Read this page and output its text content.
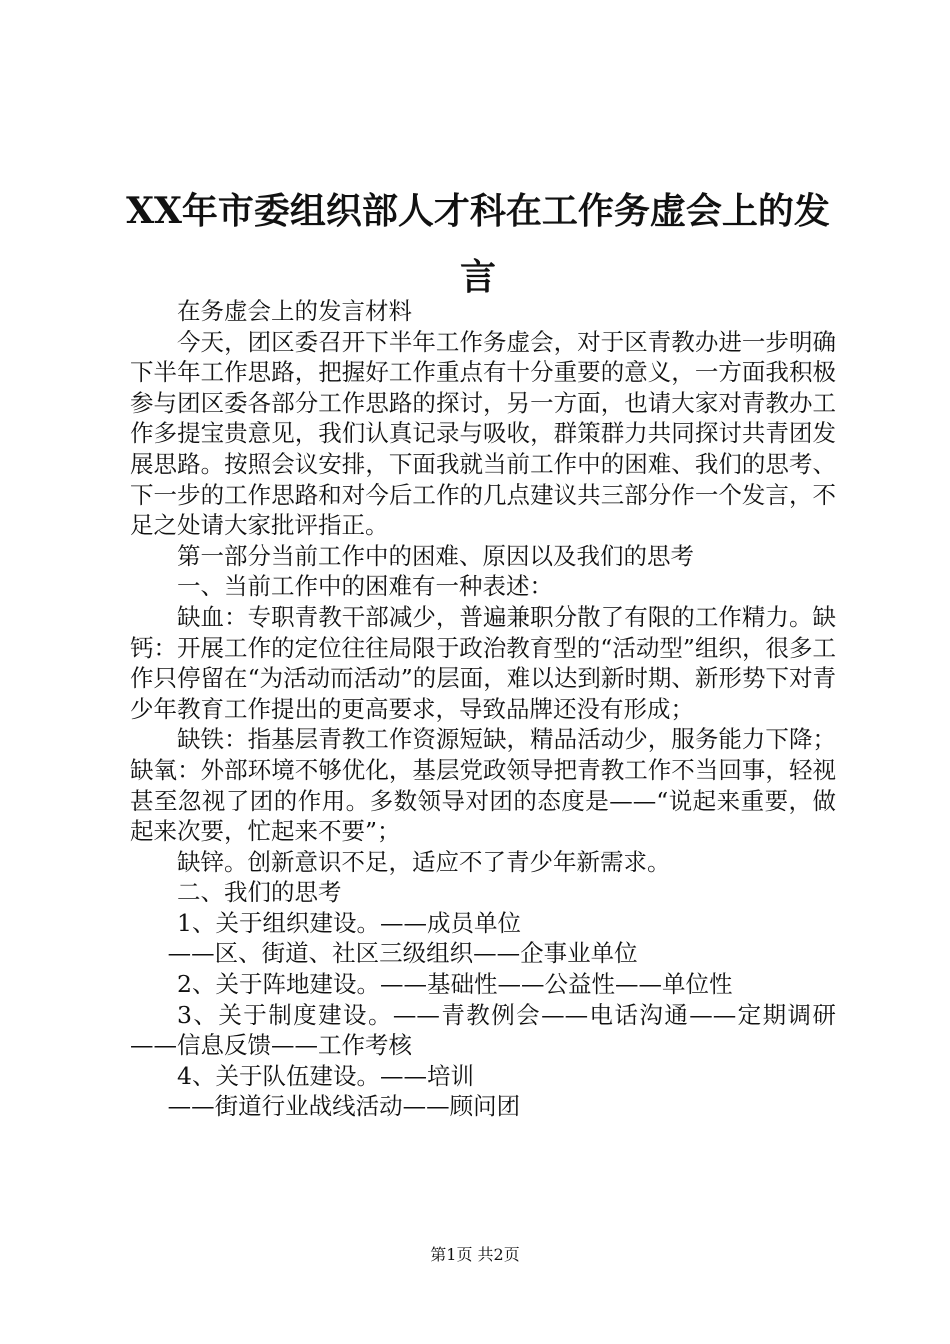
XX年市委组织部人才科在工作务虚会上的发言

在务虚会上的发言材料

今天，团区委召开下半年工作务虚会，对于区青教办进一步明确下半年工作思路，把握好工作重点有十分重要的意义，一方面我积极参与团区委各部分工作思路的探讨，另一方面，也请大家对青教办工作多提宝贵意见，我们认真记录与吸收，群策群力共同探讨共青团发展思路。按照会议安排，下面我就当前工作中的困难、我们的思考、下一步的工作思路和对今后工作的几点建议共三部分作一个发言，不足之处请大家批评指正。

第一部分当前工作中的困难、原因以及我们的思考

一、当前工作中的困难有一种表述：

缺血：专职青教干部减少，普遍兼职分散了有限的工作精力。缺钙：开展工作的定位往往局限于政治教育型的“活动型”组织，很多工作只停留在“为活动而活动”的层面，难以达到新时期、新形势下对青少年教育工作提出的更高要求，导致品牌还没有形成；

缺铁：指基层青教工作资源短缺，精品活动少，服务能力下降；缺氧：外部环境不够优化，基层党政领导把青教工作不当回事，轻视甚至忽视了团的作用。多数领导对团的态度是——“说起来重要，做起来次要，忙起来不要”；

缺锌。创新意识不足，适应不了青少年新需求。

二、我们的思考

1、关于组织建设。——成员单位

——区、街道、社区三级组织——企事业单位

2、关于阵地建设。——基础性——公益性——单位性

3、关于制度建设。——青教例会——电话沟通——定期调研——信息反馈——工作考核

4、关于队伍建设。——培训

——街道行业战线活动——顾问团

第1页 共2页
